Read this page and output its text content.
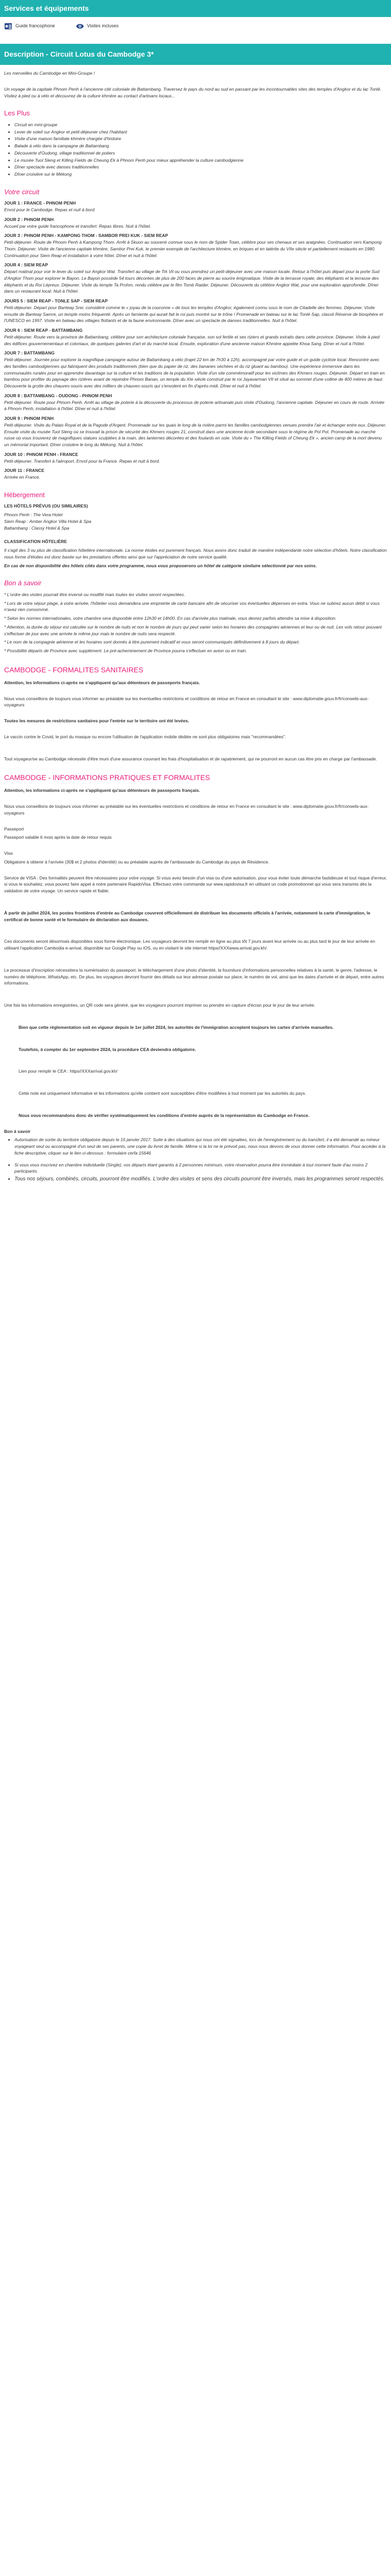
Services et équipements
Guide francophone	Visites incluses
Description - Circuit Lotus du Cambodge 3*

Les merveilles du Cambodge en Mini-Groupe !

Un voyage de la capitale Phnom Penh à l'ancienne cité coloniale de Battambang. Traversez le pays du nord au sud en passant par les incontournables sites des temples d'Angkor et du lac Tonlé. Visitez à pied ou à vélo et découvrez de la culture khmère au contact d'artisans locaux...

Les Plus
• Circuit en mini-groupe
• Lever de soleil sur Angkor et petit-déjeuner chez l'habitant
• Visite d'une maison familiale khmère chargée d'histoire
• Balade à vélo dans la campagne de Battambang
• Découverte d'Oudong, village traditionnel de potiers
• Le musée Tuol Sleng et Killing Fields de Cheung Ek à Phnom Penh pour mieux appréhender la culture cambodgienne
• Dîner spectacle avec danses traditionnelles
• Dîner croisière sur le Mékong
Votre circuit

JOUR 1 : FRANCE - PHNOM PENH

Envol pour le Cambodge. Repas et nuit à bord.

JOUR 2 : PHNOM PENH

Accueil par votre guide francophone et transfert. Repas libres. Nuit à l'hôtel.

JOUR 3 : PHNOM PENH - KAMPONG THOM - SAMBOR PREI KUK - SIEM REAP

Petit-déjeuner. Route de Phnom Penh à Kampong Thom. Arrêt à Skuon au souvenir connue sous le nom de Spider Town, célèbre pour ses chenaux et ses araignées. Continuation vers Kampong Thom. Déjeuner. Visite de l'ancienne capitale khmère, Sambor Prei Kuk, le premier exemple de l'architecture khmère, en briques et en latérite du VIIe siècle et partiellement restaurés en 1980. Continuation pour Siem Reap et installation à votre hôtel. Dîner et nuit à l'hôtel.

JOUR 4 : SIEM REAP

Départ matinal pour voir le lever du soleil sur Angkor Wat. Transfert au village de Trk Vil ou vous prendrez un petit-déjeuner avec une maison locale. Retour à l'hôtel puis départ pour la porte Sud d'Angkor Thom pour explorer le Bayon. Le Bayon possède 54 tours décorées de plus de 200 faces de pierre au sourire énigmatique. Visite de la terrasse royale, des éléphants et la terrasse des éléphants et du Roi Lépreux. Déjeuner. Visite du temple Ta Prohm, rendu célèbre par le film Tomb Raider. Déjeuner. Découverte du célèbre Angkor Wat, pour une exploration approfondie. Dîner dans un restaurant local. Nuit à l'hôtel.

JOURS 5 : SIEM REAP - TONLE SAP - SIEM REAP

Petit-déjeuner. Départ pour Banteay Srei, considéré comme le « joyau de la couronne » de tous les temples d'Angkor, également connu sous le nom de Citadelle des femmes. Déjeuner. Visite ensuite de Banteay Samre, un temple moins fréquenté. Après un farniente qui aurait fait le roi puis montré sur le trône ! Promenade en bateau sur le lac Tonlé Sap, classé Réserve de biosphère et l'UNESCO en 1997. Visite en bateau des villages flottants et de la faune environnante. Dîner avec un spectacle de danses traditionnelles. Nuit à l'hôtel.

JOUR 6 : SIEM REAP - BATTAMBANG

Petit-déjeuner. Route vers la province de Battambang, célèbre pour son architecture coloniale française, son sol fertile et ses riziers et grands extraits dans cette province. Déjeuner. Visite à pied des édifices gouvernementaux et coloniaux, de quelques galeries d'art et du marché local. Ensuite, exploration d'une ancienne maison Khmère appelée Khoa Sang. Dîner et nuit à l'hôtel.

JOUR 7 : BATTAMBANG

Petit-déjeuner. Journée pour explorer la magnifique campagne autour de Battambang à vélo (trajet 22 km de 7h30 à 12h), accompagné par votre guide et un guide cycliste local. Rencontre avec des familles cambodgiennes qui fabriquent des produits traditionnels (bien que du papier de riz, des bananes séchées et du riz gluant au bambou). Une expérience immersive dans les communautés rurales pour en apprendre davantage sur la culture et les traditions de la population. Visite d'un site commémoratif pour les victimes des Khmers rouges. Déjeuner. Départ en train en bambou pour profiter du paysage des rizières avant de rejoindre Phnom Banan, un temple du XIe siècle construit par le roi Jayavarman VII et situé au sommet d'une colline de 400 mètres de haut. Découverte la grotte des chauves-souris avec des milliers de chauves-souris qui s'envolent en fin d'après-midi. Dîner et nuit à l'hôtel.

JOUR 8 : BATTAMBANG - OUDONG - PHNOM PENH

Petit-déjeuner. Route pour Phnom Penh. Arrêt au village de poterie à la découverte du processus de poterie artisanale puis visite d'Oudong, l'ancienne capitale. Déjeuner en cours de route. Arrivée à Phnom Penh, installation à l'hôtel. Dîner et nuit à l'hôtel.

JOUR 9 : PHNOM PENH

Petit-déjeuner. Visite du Palais Royal et de la Pagode d'Argent. Promenade sur les quais le long de la rivière parmi les familles cambodgiennes venues prendre l'air et échanger entre eux. Déjeuner. Ensuite visite du musée Tuol Sleng où se trouvait la prison de sécurité des Khmers rouges 21, construit dans une ancienne école secondaire sous le régime de Pol Pot. Promenade au marché russe où vous trouverez de magnifiques statues sculptées à la main, des lanternes décorées et des foulards en soie. Visite du « The Killing Fields of Cheung Ek », ancien camp de la mort devenu un mémorial important. Dîner croisière le long du Mékong. Nuit à l'hôtel.

JOUR 10 : PHNOM PENH - FRANCE

Petit-déjeuner. Transfert à l'aéroport. Envol pour la France. Repas et nuit à bord.

JOUR 11 : FRANCE

Arrivée en France.

Hébergement

LES HÔTELS PRÉVUS (OU SIMILAIRES)

Phnom Penh : The Vera Hotel

Siem Reap : Amber Angkor Villa Hotel & Spa

Battambang : Classy Hotel & Spa

CLASSIFICATION HÔTELIÈRE

Il s'agit des 3 ou plus de classification hôtelière internationale. La norme étoiles est purement français. Nous avons donc traduit de manière indépendante notre sélection d'hôtels. Notre classification nous forme d'étoiles est donc basée sur les prestations offertes ainsi que sur l'appréciation de notre service qualité.

En cas de non disponibilité des hôtels cités dans votre programme, nous vous proposerons un hôtel de catégorie similaire sélectionné par nos soins.

Bon à savoir

* L'ordre des visites pourrait être inversé ou modifié mais toutes les visites seront respectées.

* Lors de votre séjour plage, à votre arrivée, l'hôtelier vous demandera une empreinte de carte bancaire afin de sécuriser vos éventuelles dépenses en extra. Vous ne subirez aucun débit si vous n'avez rien consommé.

* Selon les normes internationales, votre chambre sera disponible entre 12h30 et 14h00. En cas d'arrivée plus matinale, vous devrez parfois attendre sa mise à disposition.

* Attention, la durée du séjour est calculée sur le nombre de nuits et non le nombre de jours qui peut varier selon les horaires des compagnies aériennes et leur ou de nuit. Les vols retour pouvant s'effectuer de jour avec une arrivée le même jour mais le nombre de nuits sera respecté.

* Le nom de la compagnie aérienne et les horaires sont donnés à titre purement indicatif et vous seront communiqués définitivement à 8 jours du départ.

* Possibilité départs de Province avec supplément. Le pré-acheminement de Province pourra s'effectuer en avion ou en train.

CAMBODGE - FORMALITES SANITAIRES

Attention, les informations ci-après ne s'appliquent qu'aux détenteurs de passeports français.

Nous vous conseillons de toujours vous informer au préalable sur les éventuelles restrictions et conditions de retour en France en consultant le site : www.diplomatie.gouv.fr/fr/conseils-aux-voyageurs

Toutes les mesures de restrictions sanitaires pour l'entrée sur le territoire ont été levées.

Le vaccin contre le Covid, le port du masque ou encore l'utilisation de l'application mobile dédiée ne sont plus obligatoires mais "recommandées".

Tout voyageur/se au Cambodge nécessite d'être muni d'une assurance couvrant les frais d'hospitalisation et de rapatriement, qui ne pourront en aucun cas être pris en charge par l'ambassade.

CAMBODGE - INFORMATIONS PRATIQUES ET FORMALITES

Attention, les informations ci-après ne s'appliquent qu'aux détenteurs de passeports français.

Nous vous conseillons de toujours vous informer au préalable sur les éventuelles restrictions et conditions de retour en France en consultant le site : www.diplomatie.gouv.fr/fr/conseils-aux-voyageurs

Passeport

Passeport valable 6 mois après la date de retour requis

Visa

Obligatoire à obtenir à l'arrivée (30$ et 2 photos d'identité) ou au préalable auprès de l'ambassade du Cambodge du pays de Résidence.

Service de VISA : Des formalités peuvent être nécessaires pour votre voyage. Si vous avez besoin d'un visa ou d'une autorisation, pour vous éviter toute démarche fastidieuse et tout risque d'erreur, si vous le souhaitez, vous pouvez faire appel à notre partenaire RapidoVisa. Effectuez votre commande sur www.rapidovisa.fr en utilisant un code promotionnel qui vous sera transmis dès la validation de votre voyage. Un service rapide et fiable.

À partir de juillet 2024, les postes frontières d'entrée au Cambodge couvrent officiellement de distribuer les documents officiels à l'arrivée, notamment la carte d'immigration, le certificat de bonne santé et le formulaire de déclaration aux douanes.

Ces documents seront désormais disponibles sous forme électronique. Les voyageurs devront les remplir en ligne au plus tôt 7 jours avant leur arrivée ou au plus tard le jour de leur arrivée en utilisant l'application Cambodia e-arrival, disponible sur Google Play ou iOS, ou en visitant le site internet https//XXXwww.arrival.gov.kh/.

Le processus d'inscription nécessitera la numérisation du passeport, le téléchargement d'une photo d'identité, la fourniture d'informations personnelles relatives à la santé, le genre, l'adresse, le numéro de téléphone, WhatsApp, etc. De plus, les voyageurs devront fournir des détails sur leur adresse postale sur place, le numéro de vol, ainsi que les dates d'arrivée et de départ, entre autres informations.

Une fois les informations enregistrées, un QR code sera généré, que les voyageurs pourront imprimer ou prendre en capture d'écran pour le jour de leur arrivée.

Bien que cette réglementation soit en vigueur depuis le 1er juillet 2024, les autorités de l'immigration acceptent toujours les cartes d'arrivée manuelles.

Toutefois, à compter du 1er septembre 2024, la procédure CEA deviendra obligatoire.

Lien pour remplir le CEA : https//XXXarrival.gov.kh/

Cette note est uniquement informative et les informations qu'elle contient sont susceptibles d'être modifiées à tout moment par les autorités du pays.

Nous vous recommandons donc de vérifier systématiquement les conditions d'entrée auprès de la représentation du Cambodge en France.

Bon à savoir

• Autorisation de sortie du territoire obligatoire depuis le 15 janvier 2017. Suite à des situations qui nous ont été signalées, lors de l'enregistrement ou du transfert, il a été demandé au mineur voyageant seul ou accompagné d'un seul de ses parents, une copie du livret de famille. Même si la loi ne le prévoit pas, nous nous devons de vous donner cette information. Pour accéder à la fiche descriptive, cliquer sur le lien ci-dessous : formulaire cerfa 15646
• Si vous vous inscrivez en chambre individuelle (Single), vos départs étant garantis à 2 personnes minimum, votre réservation pourra être immédiate à tout moment faute d'au moins 2 participants.
• Tous nos séjours, combinés, circuits, pourront être modifiés. L'ordre des visites et sens des circuits pourront être inversés, mais les programmes seront respectés.
